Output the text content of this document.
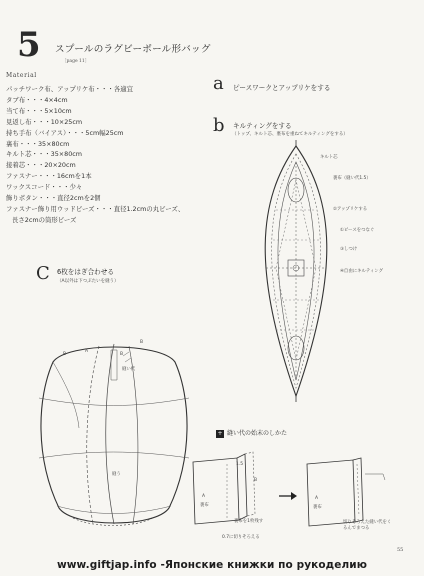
5 スプールのラグビーボール形バッグ
［page 11］
Material
パッチワーク布、アップリケ布・・・各適宜
タブ布・・・4×4cm
当て布・・・5×10cm
見返し布・・・10×25cm
持ち手布（バイアス）・・・5cm幅25cm
裏布・・・35×80cm
キルト芯・・・35×80cm
接着芯・・・20×20cm
ファスナー・・・16cmを1本
ワックスコード・・・少々
飾りボタン・・・直径2cmを2個
ファスナー飾り用ウッドビーズ・・・直径1.2cmの丸ビーズ、
長さ2cmの筒形ビーズ
a ピースワークとアップリケをする
b キルティングをする
（トップ、キルト芯、裏布を重ねてキルティングをする）
キルト芯
裏布（縫い代1.5）
②アップリケする
①ピースをつなぐ
③しつけ
④自由にキルティング
C 6枚をはぎ合わせる
（A以外は下つぶたいを縫う）
A
B	B
B
縫い代
縫う
+ 縫い代の始末のしかた
1.5
A
裏布
裏布を1枚残す
0.7に切りそろえる
B
A
裏布
切りそろえた縫い代をくるんでまつる
55
www.giftjap.info -Японские книжки по рукоделию
